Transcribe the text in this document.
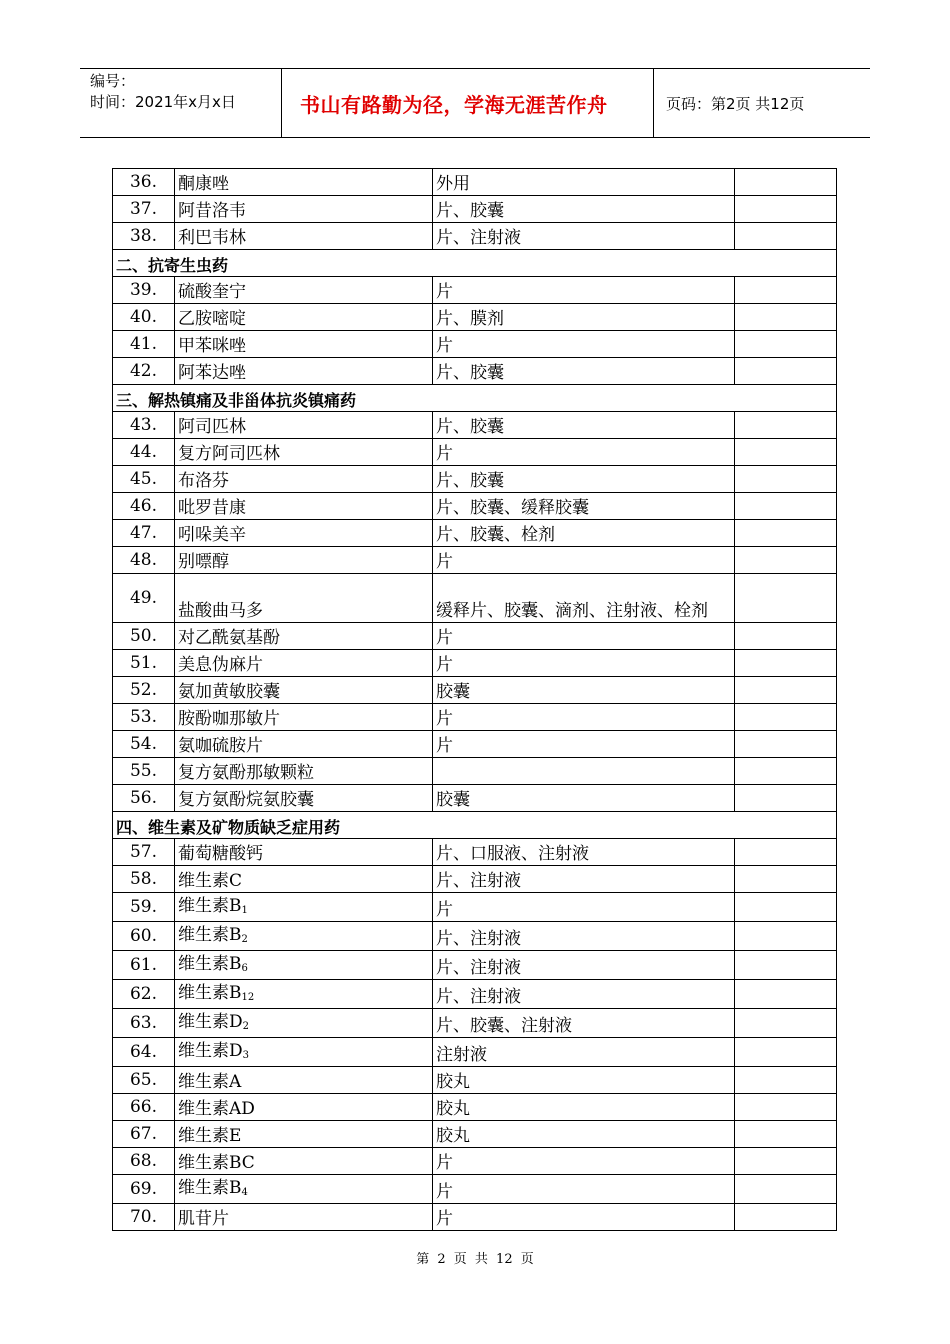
编号：
时间：2021年x月x日	书山有路勤为径，学海无涯苦作舟	页码：第2页 共12页
36.	酮康唑	外用	
37.	阿昔洛韦	片、胶囊	
38.	利巴韦林	片、注射液	
二、抗寄生虫药			
39.	硫酸奎宁	片	
40.	乙胺嘧啶	片、膜剂	
41.	甲苯咪唑	片	
42.	阿苯达唑	片、胶囊	
三、解热镇痛及非甾体抗炎镇痛药			
43.	阿司匹林	片、胶囊	
44.	复方阿司匹林	片	
45.	布洛芬	片、胶囊	
46.	吡罗昔康	片、胶囊、缓释胶囊	
47.	吲哚美辛	片、胶囊、栓剂	
48.	别嘌醇	片	
49.	盐酸曲马多	缓释片、胶囊、滴剂、注射液、栓剂	
50.	对乙酰氨基酚	片	
51.	美息伪麻片	片	
52.	氨加黄敏胶囊	胶囊	
53.	胺酚咖那敏片	片	
54.	氨咖硫胺片	片	
55.	复方氨酚那敏颗粒		
56.	复方氨酚烷氨胶囊	胶囊	
四、维生素及矿物质缺乏症用药			
57.	葡萄糖酸钙	片、口服液、注射液	
58.	维生素C	片、注射液	
59.	维生素$B_1$	片	
60.	维生素$B_2$	片、注射液	
61.	维生素$B_6$	片、注射液	
62.	维生素$B_{12}$	片、注射液	
63.	维生素$D_2$	片、胶囊、注射液	
64.	维生素$D_3$	注射液	
65.	维生素A	胶丸	
66.	维生素AD	胶丸	
67.	维生素E	胶丸	
68.	维生素BC	片	
69.	维生素$B_4$	片	
70.	肌苷片	片	
第 2 页 共 12 页
